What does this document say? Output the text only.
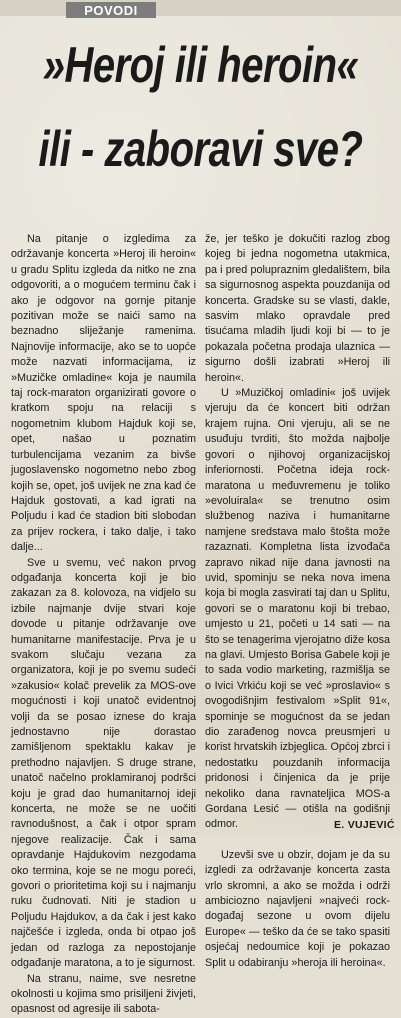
POVODI
»Heroj ili heroin«
ili - zaboravi sve?

Na pitanje o izgledima za održavanje koncerta »Heroj ili heroin« u gradu Splitu izgleda da nitko ne zna odgovoriti, a o mogućem terminu čak i ako je odgovor na gornje pitanje pozitivan može se naići samo na beznadno sliježanje ramenima. Najnovije informacije, ako se to uopće može nazvati informacijama, iz »Muzičke omladine« koja je naumila taj rock-maraton organizirati govore o kratkom spoju na relaciji s nogometnim klubom Hajduk koji se, opet, našao u poznatim turbulencijama vezanim za bivše jugoslavensko nogometno nebo zbog kojih se, opet, još uvijek ne zna kad će Hajduk gostovati, a kad igrati na Poljudu i kad će stadion biti slobodan za prijev rockera, i tako dalje, i tako dalje...

Sve u svemu, već nakon prvog odgađanja koncerta koji je bio zakazan za 8. kolovoza, na vidjelo su izbile najmanje dvije stvari koje dovode u pitanje održavanje ove humanitarne manifestacije. Prva je u svakom slučaju vezana za organizatora, koji je po svemu sudeći »zakusio« kolač prevelik za MOS-ove mogućnosti i koji unatoč evidentnoj volji da se posao iznese do kraja jednostavno nije dorastao zamišljenom spektaklu kakav je prethodno najavljen. S druge strane, unatoč načelno proklamiranoj podršci koju je grad dao humanitarnoj ideji koncerta, ne može se ne uočiti ravnodušnost, a čak i otpor spram njegove realizacije. Čak i sama opravdanje Hajdukovim nezgodama oko termina, koje se ne mogu poreći, govori o prioritetima koji su i najmanju ruku čudnovati. Niti je stadion u Poljudu Hajdukov, a da čak i jest kako najčešće i izgleda, onda bi otpao još jedan od razloga za nepostojanje odgađanje maratona, a to je sigurnost.

Na stranu, naime, sve nesretne okolnosti u kojima smo prisiljeni živjeti, opasnost od agresije ili sabota-

že, jer teško je dokučiti razlog zbog kojeg bi jedna nogometna utakmica, pa i pred polupraznim gledalištem, bila sa sigurnosnog aspekta pouzdanija od koncerta. Gradske su se vlasti, dakle, sasvim mlako opravdale pred tisućama mladih ljudi koji bi — to je pokazala početna prodaja ulaznica — sigurno došli izabrati »Heroj ili heroin«.

U »Muzičkoj omladini« još uvijek vjeruju da će koncert biti održan krajem rujna. Oni vjeruju, ali se ne usuđuju tvrditi, što možda najbolje govori o njihovoj organizacijskoj inferiornosti. Početna ideja rock-maratona u međuvremenu je toliko »evoluirala« se trenutno osim službenog naziva i humanitarne namjene sredstava malo štošta može razaznati. Kompletna lista izvođača zapravo nikad nije dana javnosti na uvid, spominju se neka nova imena koja bi mogla zasvirati taj dan u Splitu, govori se o maratonu koji bi trebao, umjesto u 21, početi u 14 sati — na što se tenagerima vjerojatno diže kosa na glavi. Umjesto Borisa Gabele koji je to sada vodio marketing, razmišlja se o Ivici Vrkiću koji se već »proslavio« s ovogodišnjim festivalom »Split 91«, spominje se mogućnost da se jedan dio zarađenog novca preusmjeri u korist hrvatskih izbjeglica. Općoj zbrci i nedostatku pouzdanih informacija pridonosi i činjenica da je prije nekoliko dana ravnateljica MOS-a Gordana Lesić — otišla na godišnji odmor.

Uzevši sve u obzir, dojam je da su izgledi za održavanje koncerta zasta vrlo skromni, a ako se možda i održi ambiciozno najavljeni »najveći rock-događaj sezone u ovom dijelu Europe« — teško da će se tako spasiti osjećaj nedoumice koji je pokazao Split u odabiranju »heroja ili heroina«.

E. VUJEVIĆ
